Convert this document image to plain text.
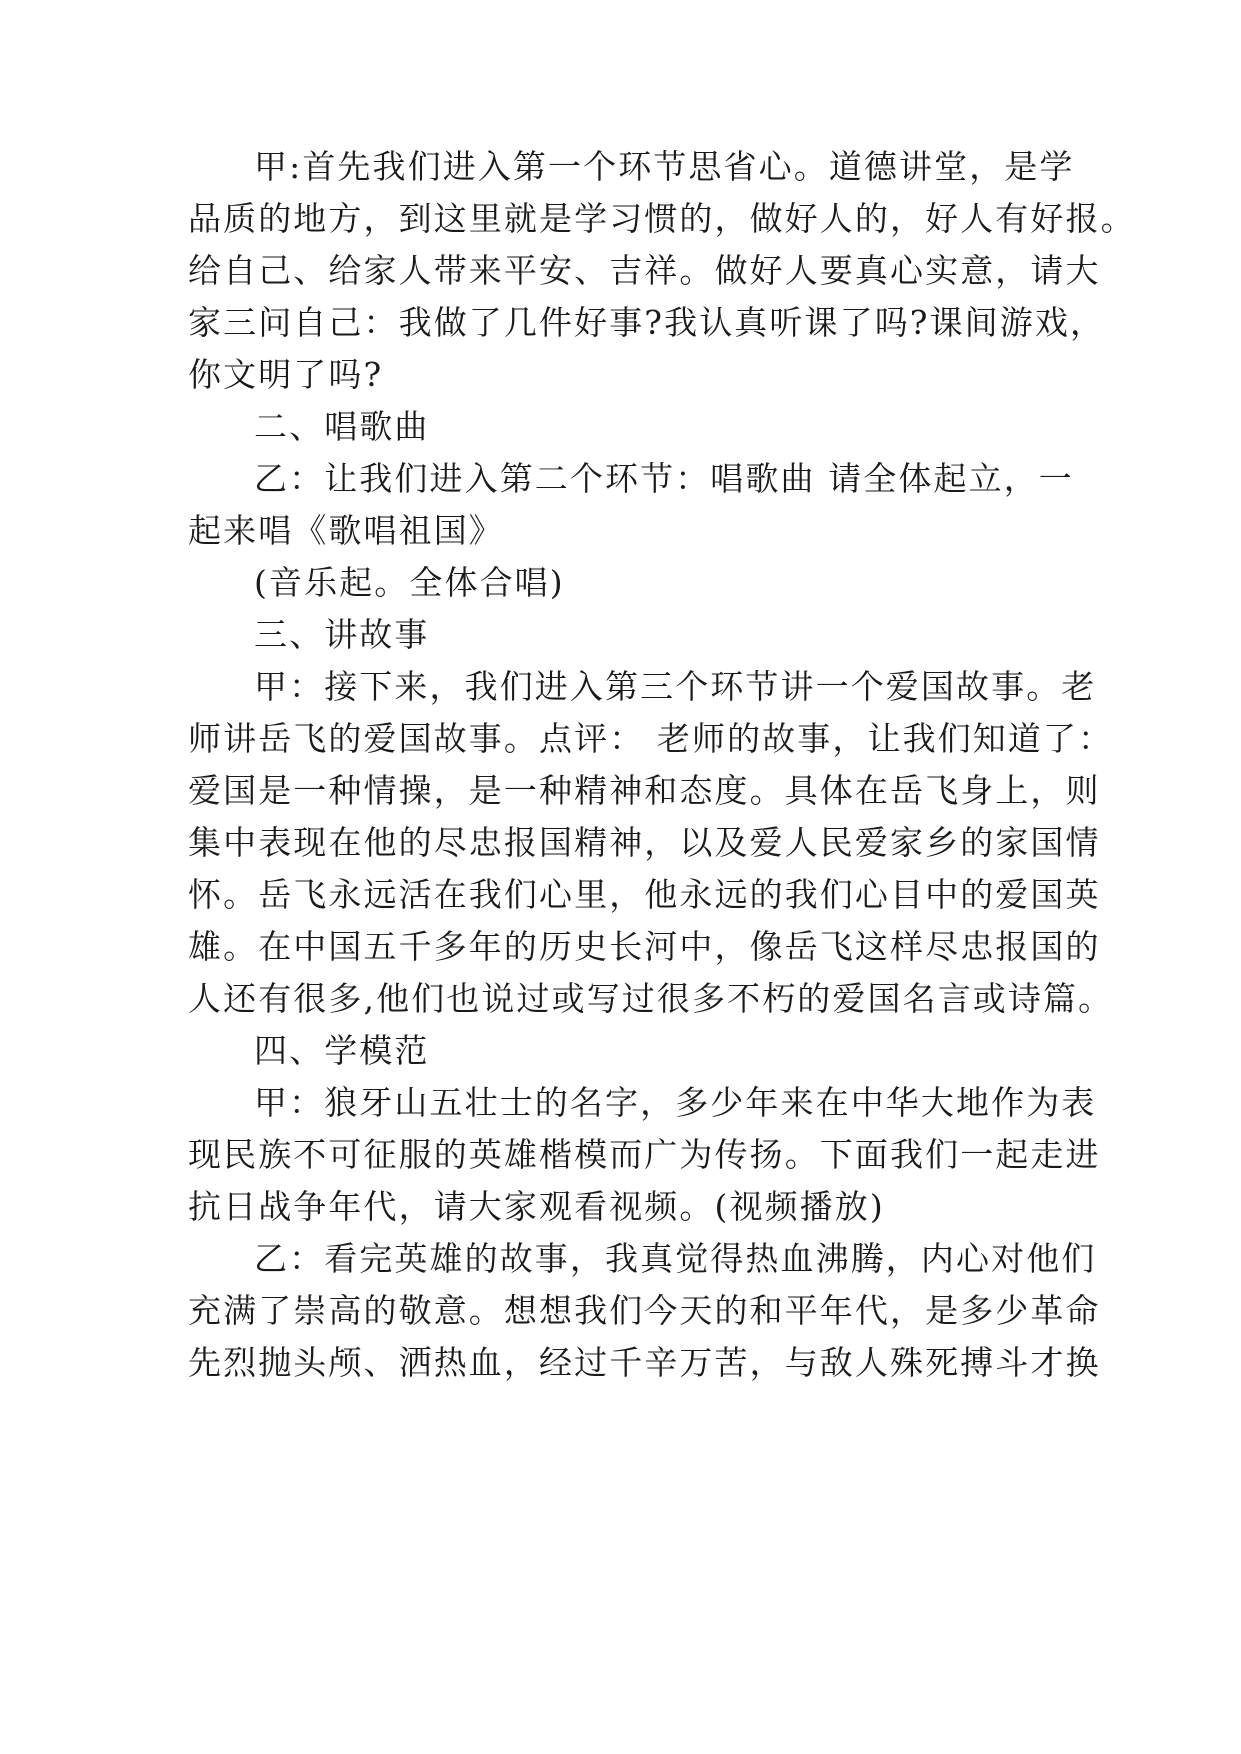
甲:首先我们进入第一个环节思省心。道德讲堂，是学

品质的地方，到这里就是学习惯的，做好人的，好人有好报。

给自己、给家人带来平安、吉祥。做好人要真心实意，请大

家三问自己：我做了几件好事?我认真听课了吗?课间游戏，

你文明了吗?

二、唱歌曲

乙：让我们进入第二个环节：唱歌曲 请全体起立，一

起来唱《歌唱祖国》

(音乐起。全体合唱)

三、讲故事

甲：接下来，我们进入第三个环节讲一个爱国故事。老

师讲岳飞的爱国故事。点评： 老师的故事，让我们知道了：

爱国是一种情操，是一种精神和态度。具体在岳飞身上，则

集中表现在他的尽忠报国精神，以及爱人民爱家乡的家国情

怀。岳飞永远活在我们心里，他永远的我们心目中的爱国英

雄。在中国五千多年的历史长河中，像岳飞这样尽忠报国的

人还有很多,他们也说过或写过很多不朽的爱国名言或诗篇。

四、学模范

甲：狼牙山五壮士的名字，多少年来在中华大地作为表

现民族不可征服的英雄楷模而广为传扬。下面我们一起走进

抗日战争年代，请大家观看视频。(视频播放)

乙：看完英雄的故事，我真觉得热血沸腾，内心对他们

充满了崇高的敬意。想想我们今天的和平年代，是多少革命

先烈抛头颅、洒热血，经过千辛万苦，与敌人殊死搏斗才换
